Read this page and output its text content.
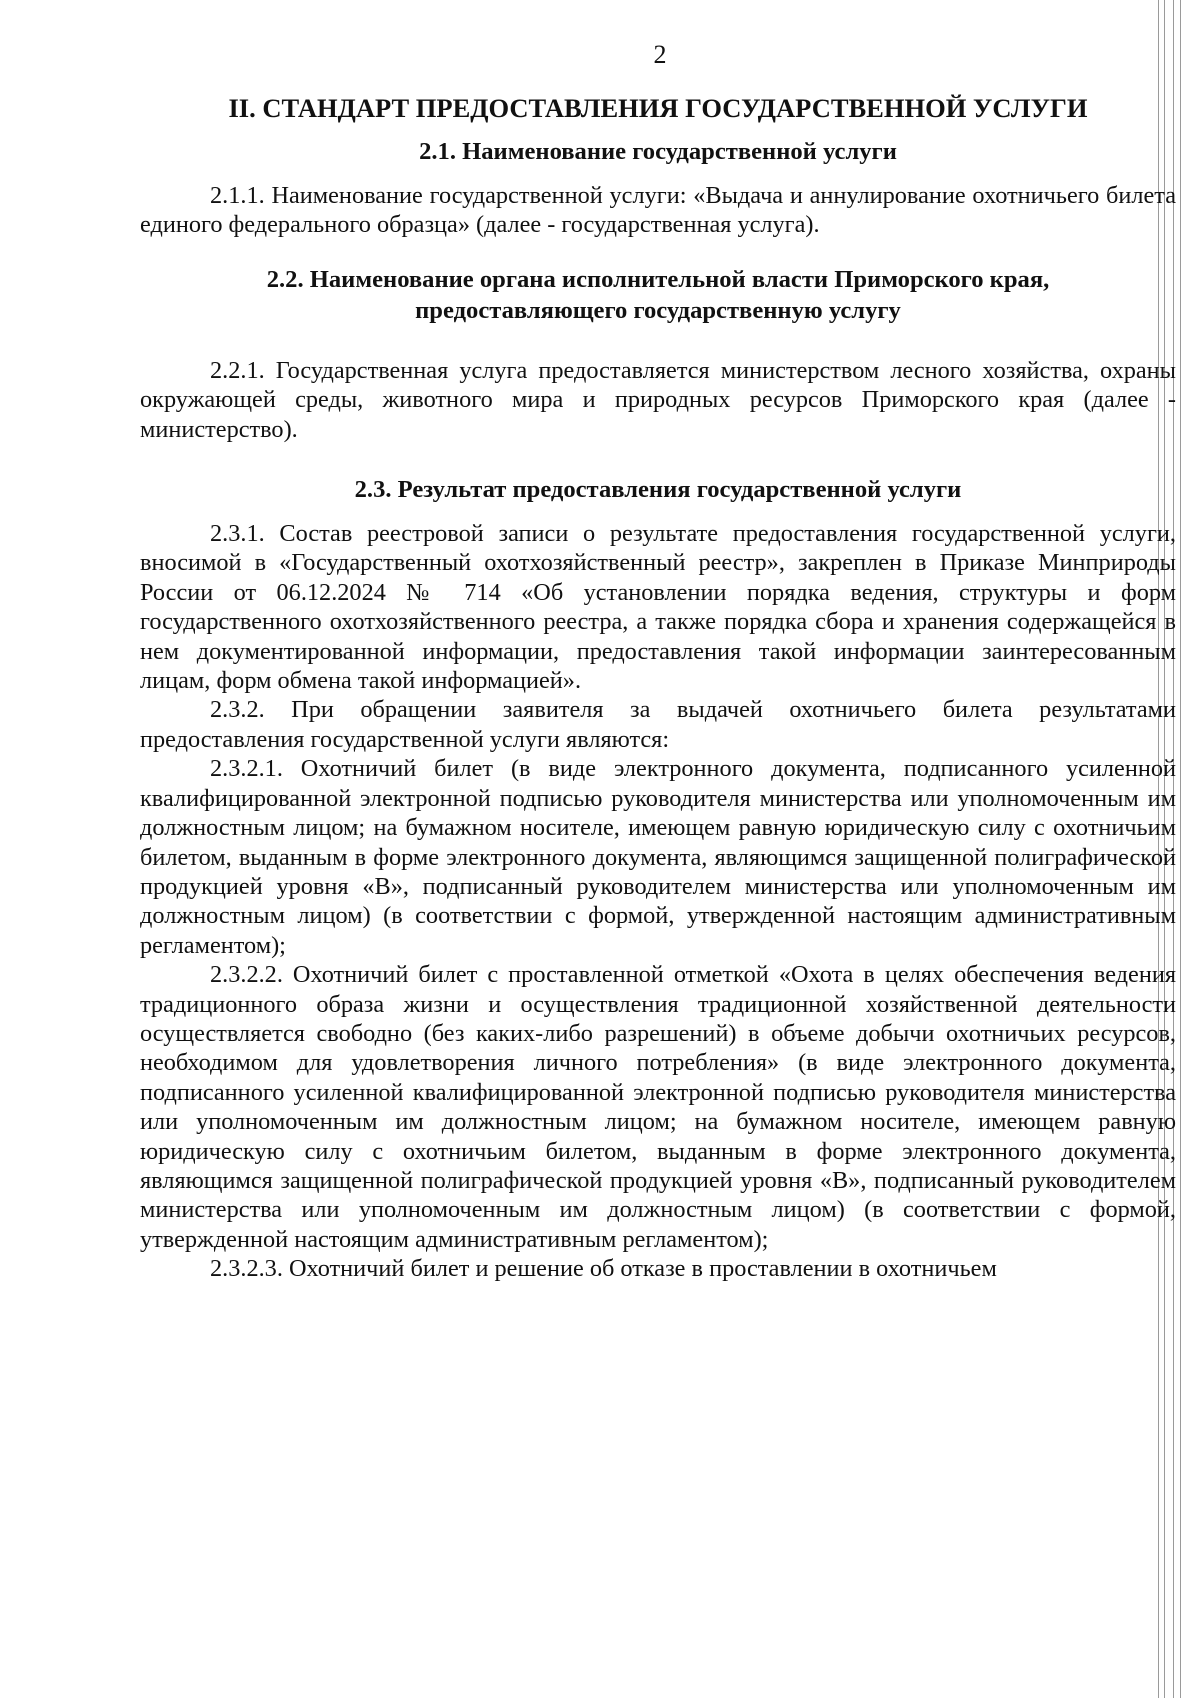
2
II. СТАНДАРТ ПРЕДОСТАВЛЕНИЯ ГОСУДАРСТВЕННОЙ УСЛУГИ
2.1. Наименование государственной услуги

2.1.1. Наименование государственной услуги: «Выдача и аннулирование охотничьего билета единого федерального образца» (далее - государственная услуга).

2.2. Наименование органа исполнительной власти Приморского края,
предоставляющего государственную услугу

2.2.1. Государственная услуга предоставляется министерством лесного хозяйства, охраны окружающей среды, животного мира и природных ресурсов Приморского края (далее - министерство).

2.3. Результат предоставления государственной услуги

2.3.1. Состав реестровой записи о результате предоставления государственной услуги, вносимой в «Государственный охотхозяйственный реестр», закреплен в Приказе Минприроды России от 06.12.2024 № 714 «Об установлении порядка ведения, структуры и форм государственного охотхозяйственного реестра, а также порядка сбора и хранения содержащейся в нем документированной информации, предоставления такой информации заинтересованным лицам, форм обмена такой информацией».

2.3.2. При обращении заявителя за выдачей охотничьего билета результатами предоставления государственной услуги являются:

2.3.2.1. Охотничий билет (в виде электронного документа, подписанного усиленной квалифицированной электронной подписью руководителя министерства или уполномоченным им должностным лицом; на бумажном носителе, имеющем равную юридическую силу с охотничьим билетом, выданным в форме электронного документа, являющимся защищенной полиграфической продукцией уровня «В», подписанный руководителем министерства или уполномоченным им должностным лицом) (в соответствии с формой, утвержденной настоящим административным регламентом);

2.3.2.2. Охотничий билет с проставленной отметкой «Охота в целях обеспечения ведения традиционного образа жизни и осуществления традиционной хозяйственной деятельности осуществляется свободно (без каких-либо разрешений) в объеме добычи охотничьих ресурсов, необходимом для удовлетворения личного потребления» (в виде электронного документа, подписанного усиленной квалифицированной электронной подписью руководителя министерства или уполномоченным им должностным лицом; на бумажном носителе, имеющем равную юридическую силу с охотничьим билетом, выданным в форме электронного документа, являющимся защищенной полиграфической продукцией уровня «В», подписанный руководителем министерства или уполномоченным им должностным лицом) (в соответствии с формой, утвержденной настоящим административным регламентом);

2.3.2.3. Охотничий билет и решение об отказе в проставлении в охотничьем
